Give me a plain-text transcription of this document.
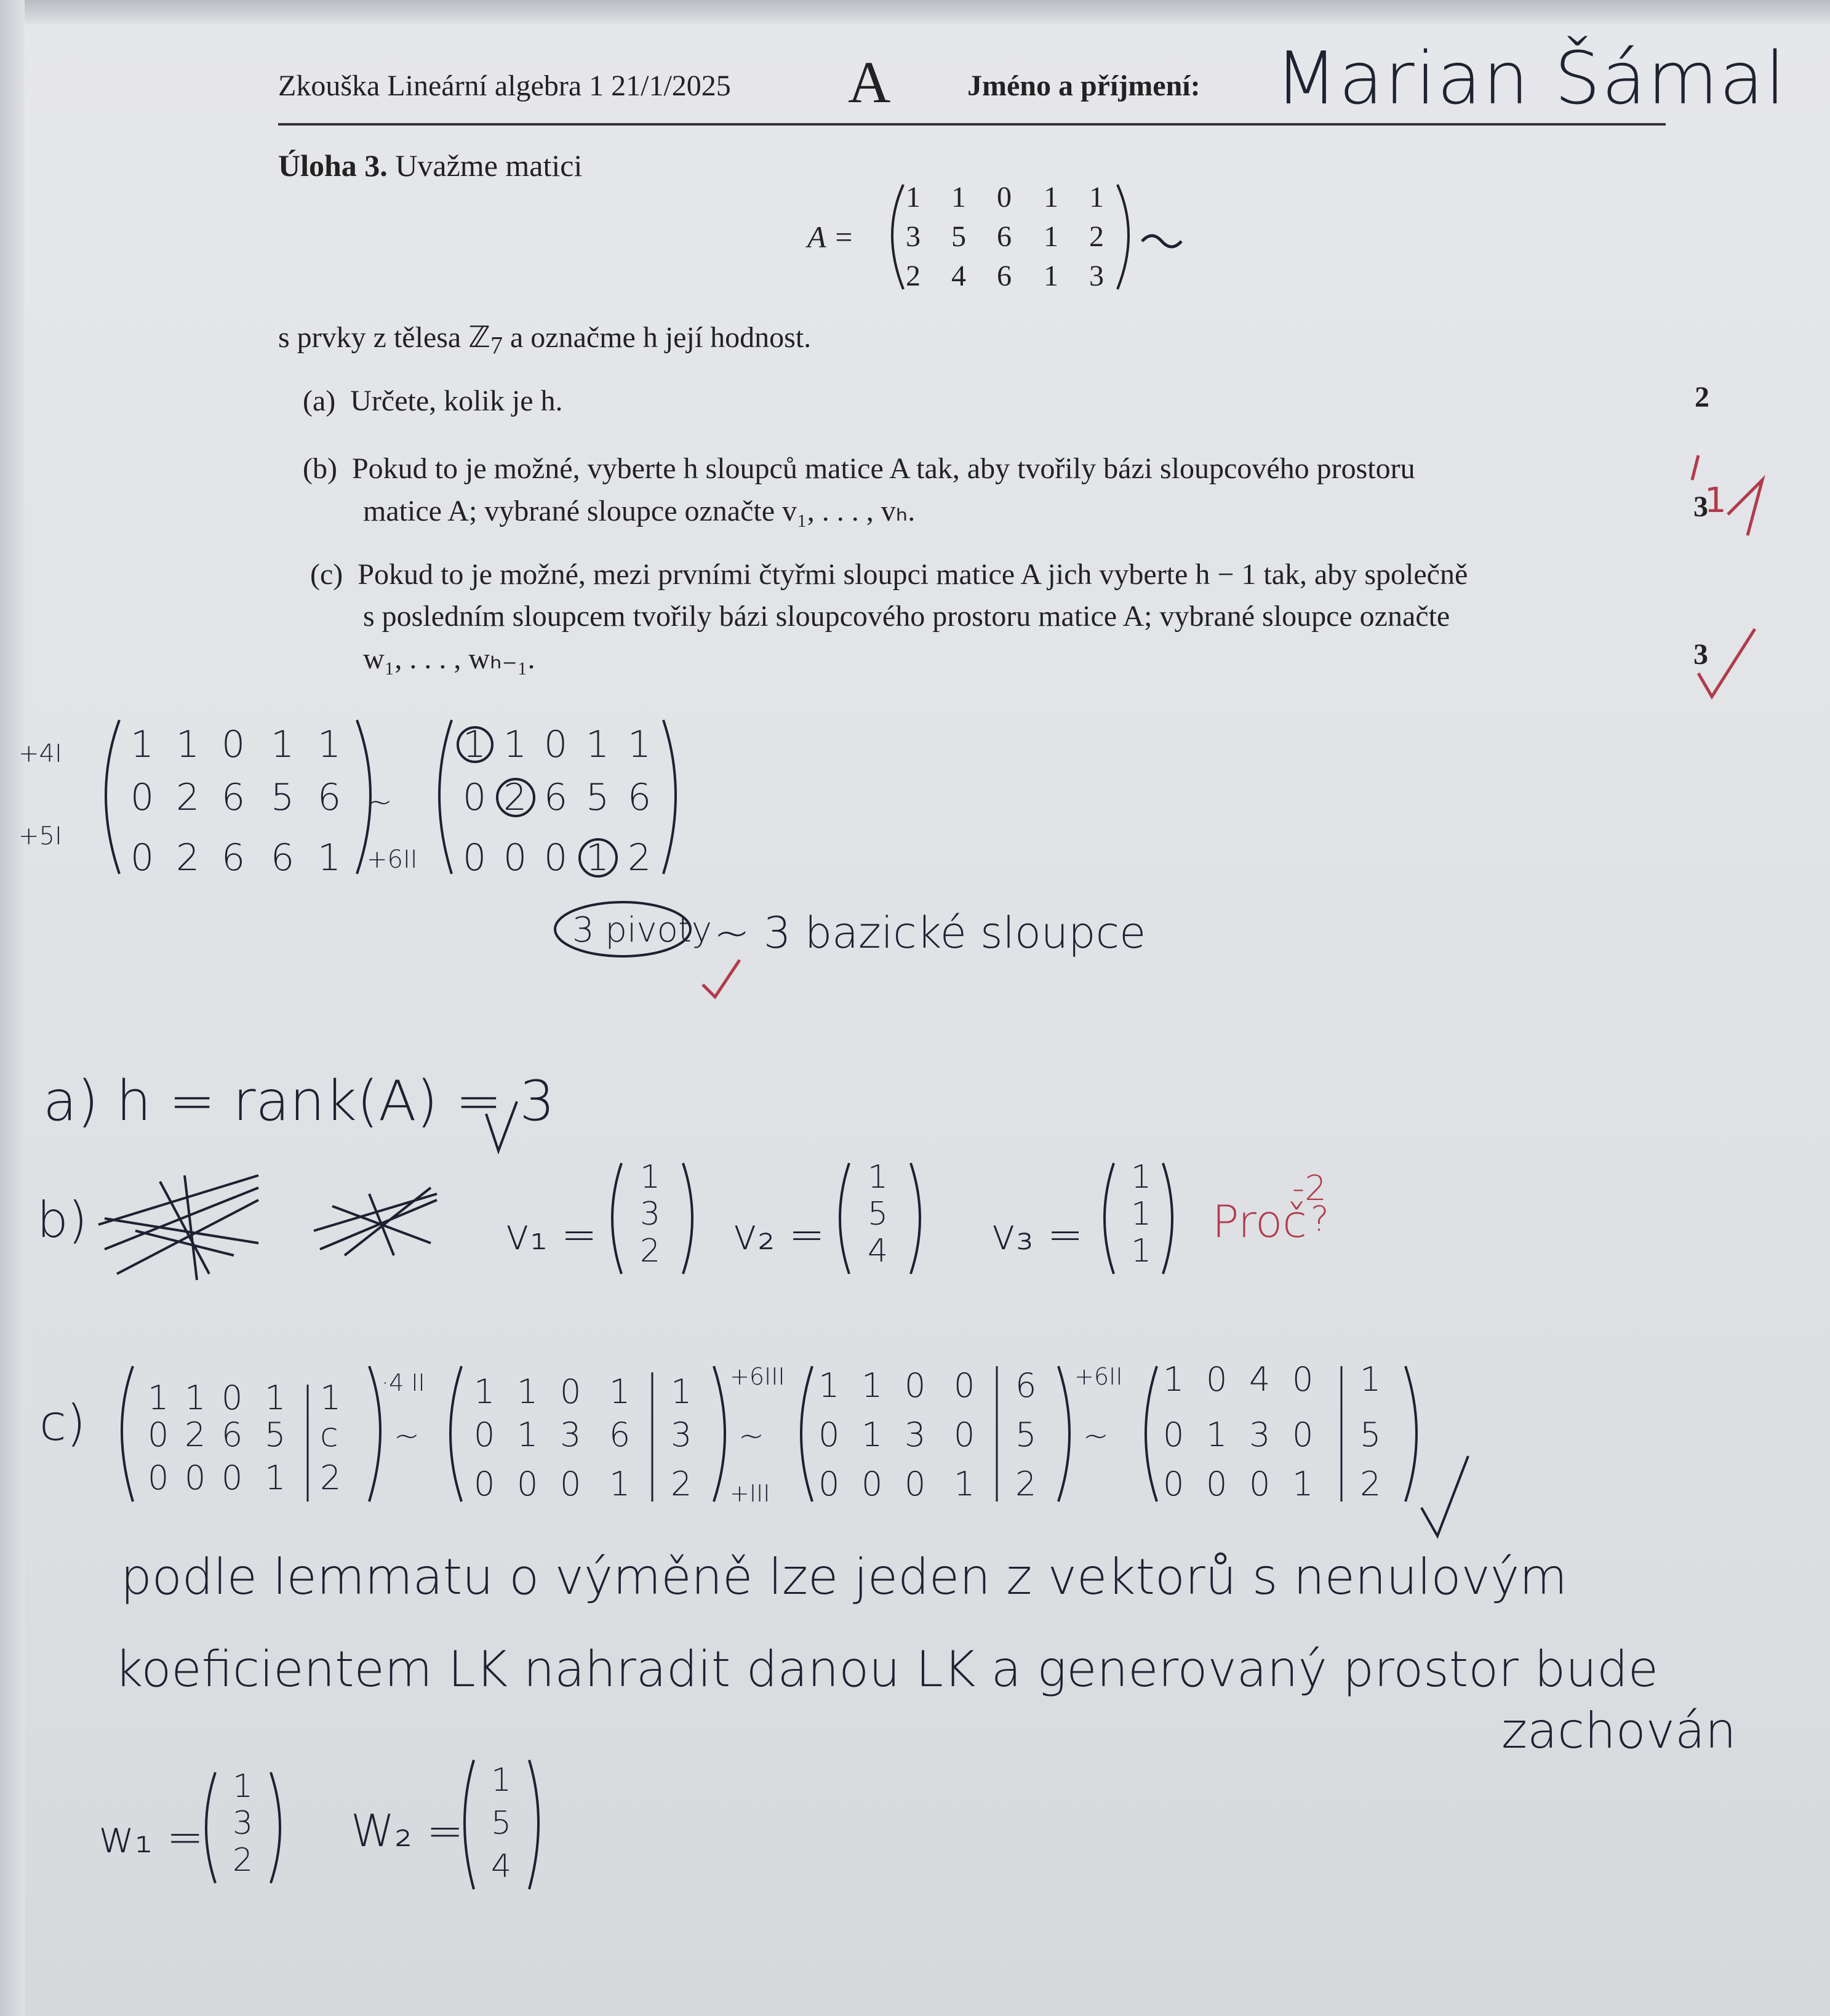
Zkouška Lineární algebra 1 21/1/2025 A	Jméno a příjmení: Marian Šámal
Úloha 3. Uvažme matici
A =
s prvky z tělesa ℤ$_7$ a označme h její hodnost.
(a) Určete, kolik je h.
(b) Pokud to je možné, vyberte h sloupců matice A tak, aby tvořily bázi sloupcového prostoru
matice A; vybrané sloupce označte v₁, . . . , vₕ.
(c) Pokud to je možné, mezi prvními čtyřmi sloupci matice A jich vyberte h − 1 tak, aby společně
s posledním sloupcem tvořily bázi sloupcového prostoru matice A; vybrané sloupce označte
w₁, . . . , wₕ₋₁.
2
3
3
1 1 0 1 1
3 5 6 1 2
2 4 6 1 3
1
+4I
+5I
1 1 0 1 1
0 2 6 5 6
0 2 6 6 1
~
+6II
1 1 0 1 1
0 2 6 5 6
0 0 0 1 2
3 pivoty ~ 3 bazické sloupce
a) h = rank(A) = 3
b)	v₁ =
1
3
2 v₂ =
1
5
4 v₃ =
1
1
1
Proč
-2
?
c) 1 1 0 1 1
0 2 6 5 c
0 0 0 1 2
·4 II
~
1 1 0 1 1
0 1 3 6 3
0 0 0 1 2
+6III
~
+III
1 1 0 0 6
0 1 3 0 5
0 0 0 1 2
+6II
~
1 0 4 0 1
0 1 3 0 5
0 0 0 1 2
podle lemmatu o výměně lze jeden z vektorů s nenulovým
koeficientem LK nahradit danou LK a generovaný prostor bude
zachován
w₁ =
1
3
2
W₂ =
1
5
4
